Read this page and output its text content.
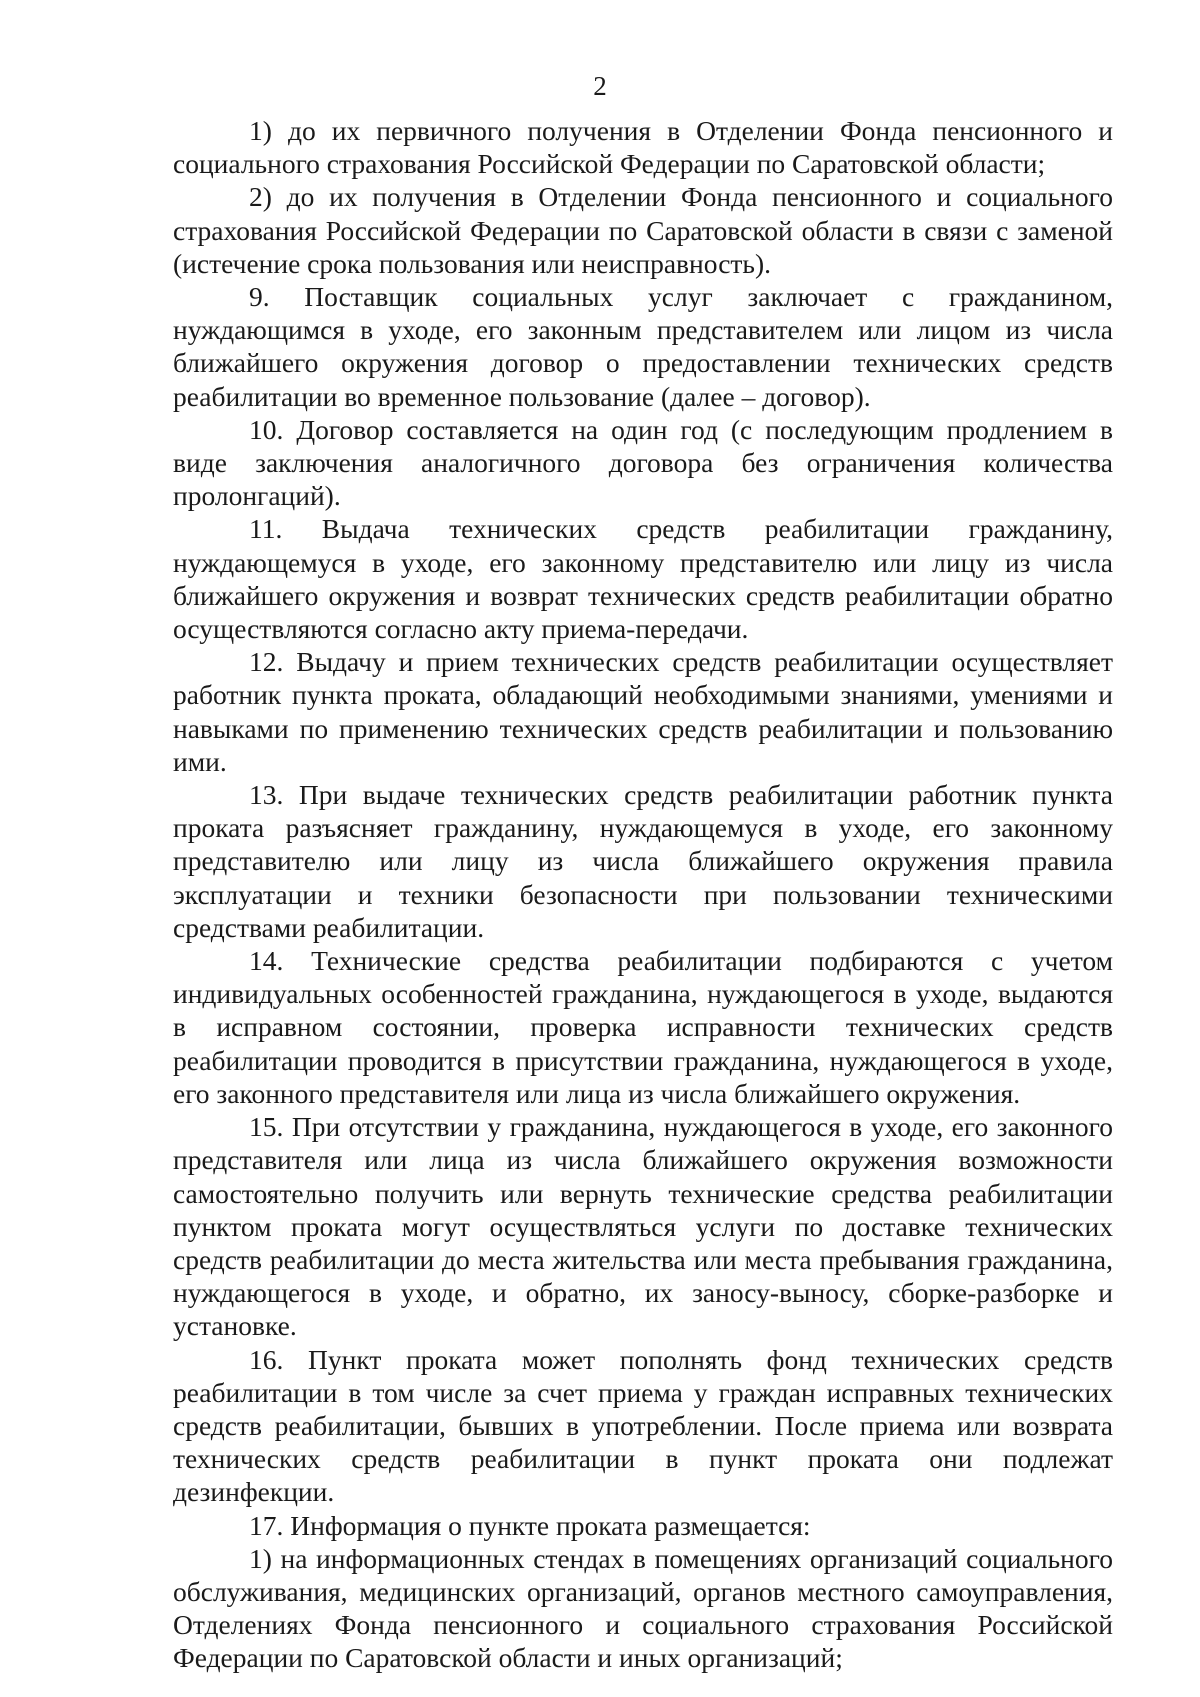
2

1) до их первичного получения в Отделении Фонда пенсионного и социального страхования Российской Федерации по Саратовской области;

2) до их получения в Отделении Фонда пенсионного и социального страхования Российской Федерации по Саратовской области в связи с заменой (истечение срока пользования или неисправность).

9. Поставщик социальных услуг заключает с гражданином, нуждающимся в уходе, его законным представителем или лицом из числа ближайшего окружения договор о предоставлении технических средств реабилитации во временное пользование (далее – договор).

10. Договор составляется на один год (с последующим продлением в виде заключения аналогичного договора без ограничения количества пролонгаций).

11. Выдача технических средств реабилитации гражданину, нуждающемуся в уходе, его законному представителю или лицу из числа ближайшего окружения и возврат технических средств реабилитации обратно осуществляются согласно акту приема-передачи.

12. Выдачу и прием технических средств реабилитации осуществляет работник пункта проката, обладающий необходимыми знаниями, умениями и навыками по применению технических средств реабилитации и пользованию ими.

13. При выдаче технических средств реабилитации работник пункта проката разъясняет гражданину, нуждающемуся в уходе, его законному представителю или лицу из числа ближайшего окружения правила эксплуатации и техники безопасности при пользовании техническими средствами реабилитации.

14. Технические средства реабилитации подбираются с учетом индивидуальных особенностей гражданина, нуждающегося в уходе, выдаются в исправном состоянии, проверка исправности технических средств реабилитации проводится в присутствии гражданина, нуждающегося в уходе, его законного представителя или лица из числа ближайшего окружения.

15. При отсутствии у гражданина, нуждающегося в уходе, его законного представителя или лица из числа ближайшего окружения возможности самостоятельно получить или вернуть технические средства реабилитации пунктом проката могут осуществляться услуги по доставке технических средств реабилитации до места жительства или места пребывания гражданина, нуждающегося в уходе, и обратно, их заносу-выносу, сборке-разборке и установке.

16. Пункт проката может пополнять фонд технических средств реабилитации в том числе за счет приема у граждан исправных технических средств реабилитации, бывших в употреблении. После приема или возврата технических средств реабилитации в пункт проката они подлежат дезинфекции.

17. Информация о пункте проката размещается:

1) на информационных стендах в помещениях организаций социального обслуживания, медицинских организаций, органов местного самоуправления, Отделениях Фонда пенсионного и социального страхования Российской Федерации по Саратовской области и иных организаций;
